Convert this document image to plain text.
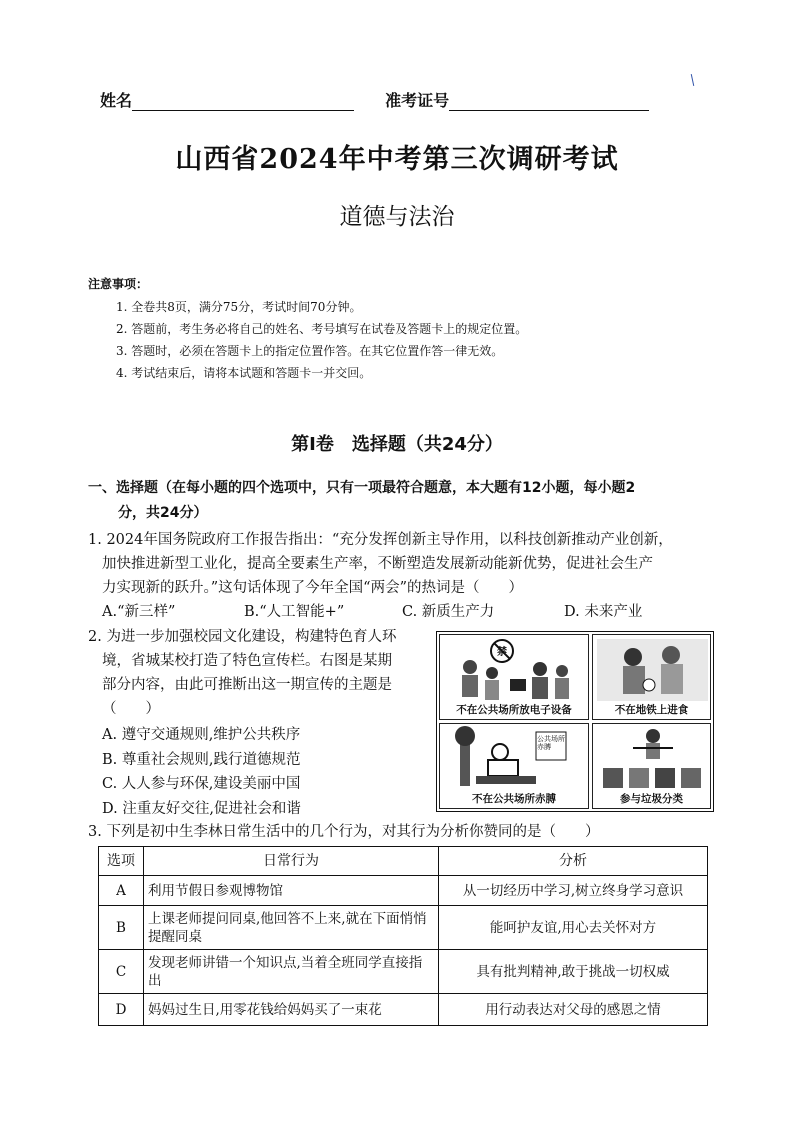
姓名	准考证号
山西省2024年中考第三次调研考试
道德与法治
注意事项：
1. 全卷共8页，满分75分，考试时间70分钟。
2. 答题前，考生务必将自己的姓名、考号填写在试卷及答题卡上的规定位置。
3. 答题时，必须在答题卡上的指定位置作答。在其它位置作答一律无效。
4. 考试结束后，请将本试题和答题卡一并交回。
第Ⅰ卷　选择题（共24分）
一、选择题（在每小题的四个选项中，只有一项最符合题意，本大题有12小题，每小题2
分，共24分）
1. 2024年国务院政府工作报告指出：“充分发挥创新主导作用，以科技创新推动产业创新，
加快推进新型工业化，提高全要素生产率，不断塑造发展新动能新优势，促进社会生产
力实现新的跃升。”这句话体现了今年全国“两会”的热词是（　　）
A.“新三样”	B.“人工智能+”	C. 新质生产力	D. 未来产业
2. 为进一步加强校园文化建设，构建特色育人环
境，省城某校打造了特色宣传栏。右图是某期
部分内容，由此可推断出这一期宣传的主题是
（　　）
A. 遵守交通规则,维护公共秩序
B. 尊重社会规则,践行道德规范
C. 人人参与环保,建设美丽中国
D. 注重友好交往,促进社会和谐
禁
不在公共场所放电子设备	不在地铁上进食
公共场所赤膊
不在公共场所赤膊	参与垃圾分类
3. 下列是初中生李林日常生活中的几个行为，对其行为分析你赞同的是（　　）
选项	日常行为	分析
A	利用节假日参观博物馆	从一切经历中学习,树立终身学习意识
B	上课老师提问同桌,他回答不上来,就在下面悄悄提醒同桌	能呵护友谊,用心去关怀对方
C	发现老师讲错一个知识点,当着全班同学直接指出	具有批判精神,敢于挑战一切权威
D	妈妈过生日,用零花钱给妈妈买了一束花	用行动表达对父母的感恩之情
